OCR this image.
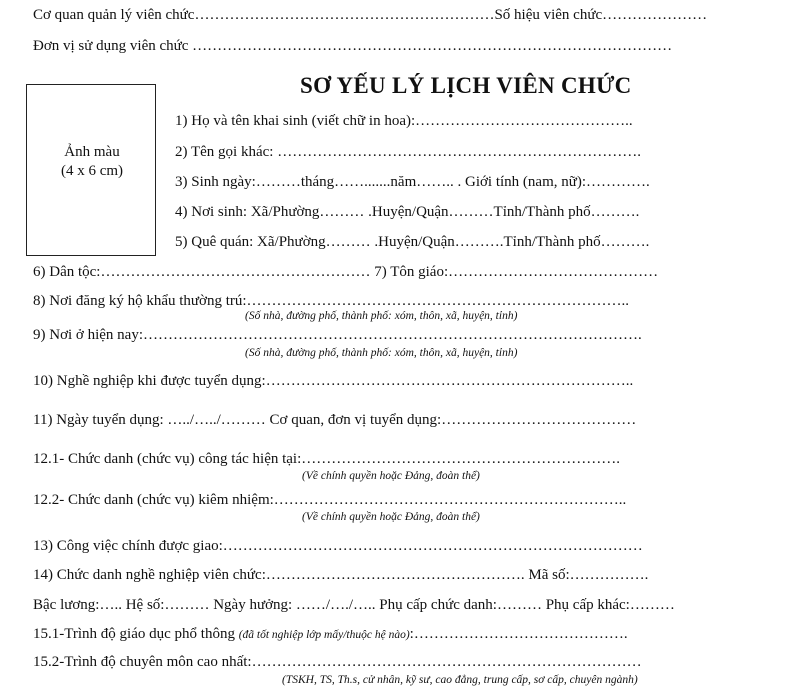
Cơ quan quản lý viên chức……………………………………………………Số hiệu viên chức…………………
Đơn vị sử dụng viên chức ……………………………………………………………………………………
SƠ YẾU LÝ LỊCH VIÊN CHỨC
Ảnh màu
(4 x 6 cm)
1) Họ và tên khai sinh (viết chữ in hoa):……………………………………..
2) Tên gọi khác: ……………………………………………………………….
3) Sinh ngày:………tháng…….......năm…….. . Giới tính (nam, nữ):………….
4) Nơi sinh: Xã/Phường……… .Huyện/Quận………Tỉnh/Thành phố……….
5) Quê quán: Xã/Phường……… .Huyện/Quận……….Tỉnh/Thành phố……….
6) Dân tộc:……………………………………………… 7) Tôn giáo:……………………………………
8) Nơi đăng ký hộ khẩu thường trú:…………………………………………………………………..
(Số nhà, đường phố, thành phố: xóm, thôn, xã, huyện, tỉnh)
9) Nơi ở hiện nay:……………………………………………………………………………………….
(Số nhà, đường phố, thành phố: xóm, thôn, xã, huyện, tỉnh)
10) Nghề nghiệp khi được tuyển dụng:………………………………………………………………..
11) Ngày tuyển dụng: …../…../……… Cơ quan, đơn vị tuyển dụng:…………………………………
12.1- Chức danh (chức vụ) công tác hiện tại:……………………………………………………….
(Về chính quyền hoặc Đảng, đoàn thể)
12.2- Chức danh (chức vụ) kiêm nhiệm:……………………………………………………………..
(Về chính quyền hoặc Đảng, đoàn thể)
13) Công việc chính được giao:…………………………………………………………………………
14) Chức danh nghề nghiệp viên chức:……………………………………………. Mã số:…………….
Bậc lương:….. Hệ số:……… Ngày hưởng: ……/…./….. Phụ cấp chức danh:……… Phụ cấp khác:………
15.1-Trình độ giáo dục phổ thông (đã tốt nghiệp lớp mấy/thuộc hệ nào):…………………………………….
15.2-Trình độ chuyên môn cao nhất:……………………………………………………………………
(TSKH, TS, Th.s, cử nhân, kỹ sư, cao đẳng, trung cấp, sơ cấp, chuyên ngành)
